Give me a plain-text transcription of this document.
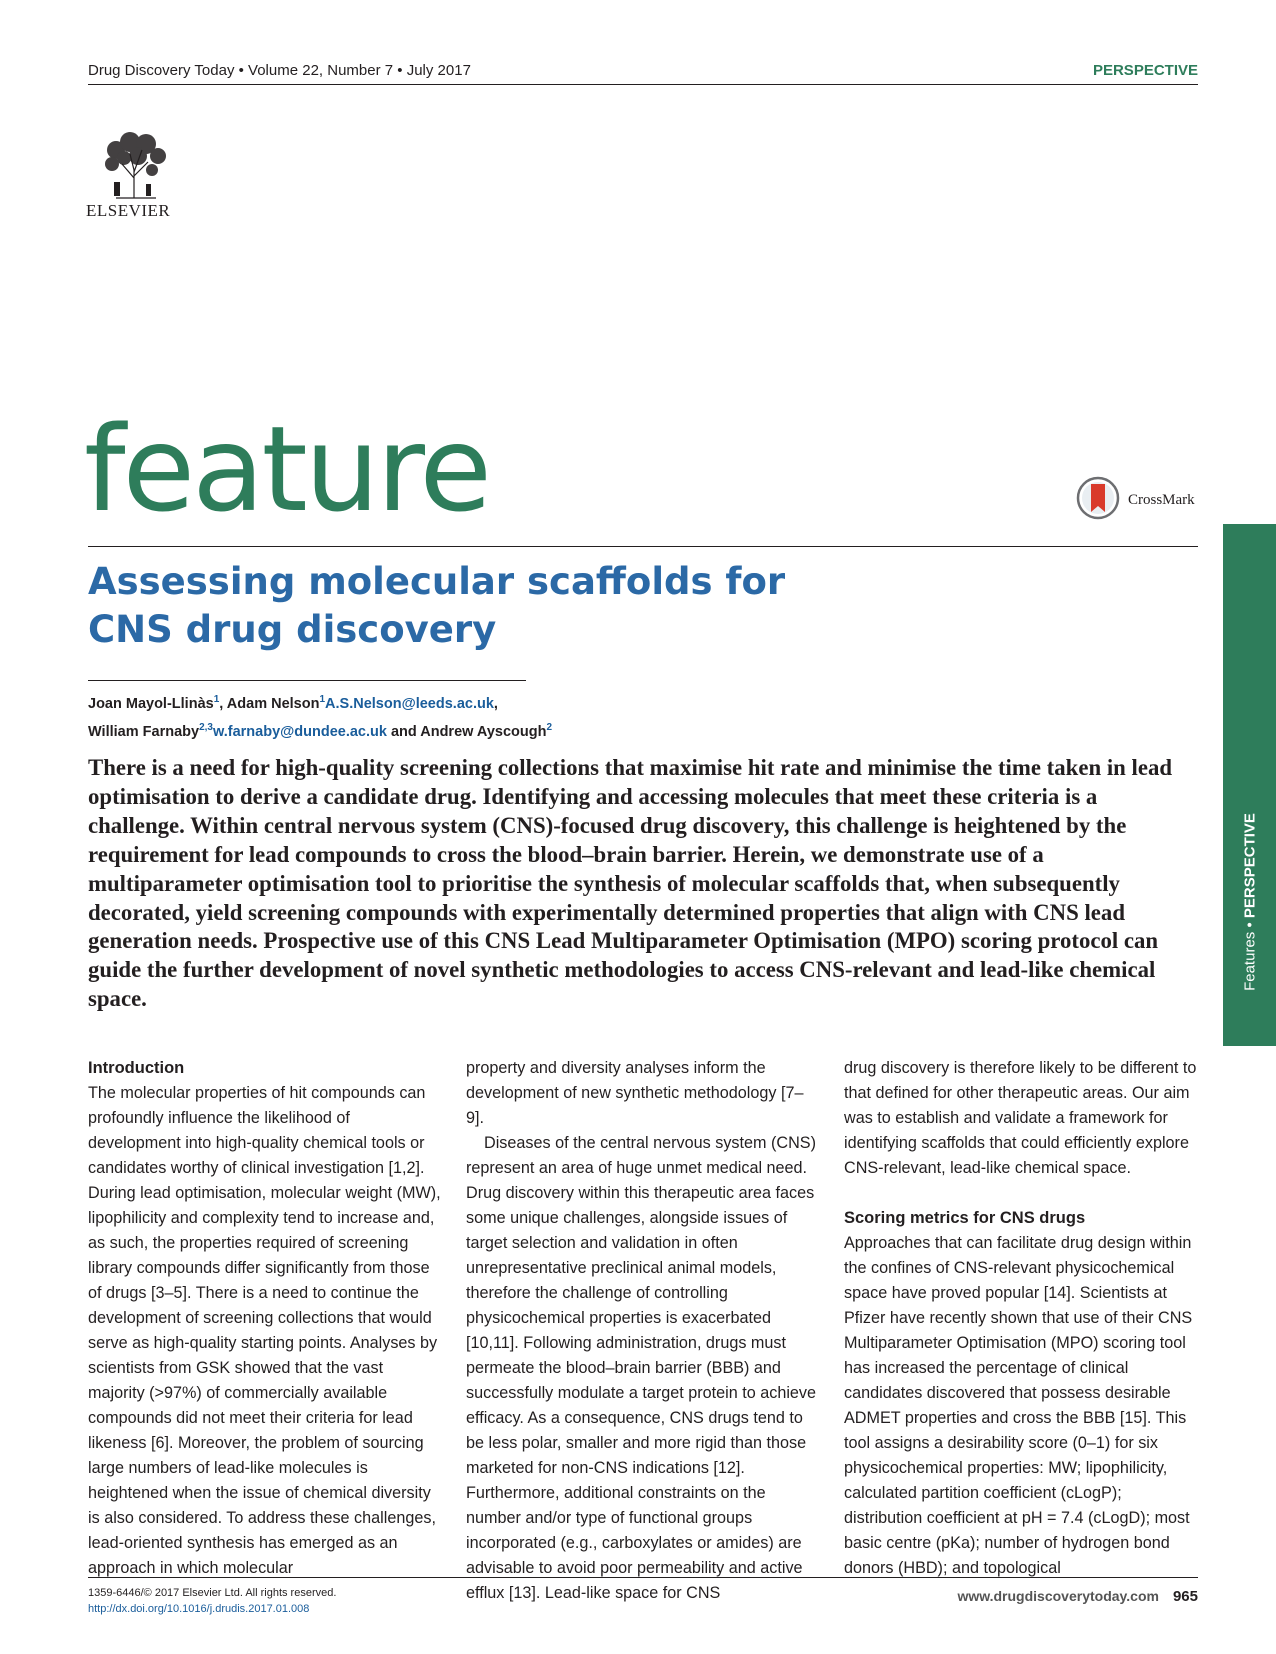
Drug Discovery Today • Volume 22, Number 7 • July 2017	PERSPECTIVE
ELSEVIER
feature	CrossMark
Assessing molecular scaffolds for CNS drug discovery
Joan Mayol-Llinàs$^1$, Adam Nelson$^1$A.S.Nelson@leeds.ac.uk,
William Farnaby$^{2,3}$w.farnaby@dundee.ac.uk and Andrew Ayscough$^2$
There is a need for high-quality screening collections that maximise hit rate and minimise the time taken in lead optimisation to derive a candidate drug. Identifying and accessing molecules that meet these criteria is a challenge. Within central nervous system (CNS)-focused drug discovery, this challenge is heightened by the requirement for lead compounds to cross the blood–brain barrier. Herein, we demonstrate use of a multiparameter optimisation tool to prioritise the synthesis of molecular scaffolds that, when subsequently decorated, yield screening compounds with experimentally determined properties that align with CNS lead generation needs. Prospective use of this CNS Lead Multiparameter Optimisation (MPO) scoring protocol can guide the further development of novel synthetic methodologies to access CNS-relevant and lead-like chemical space.
Introduction

The molecular properties of hit compounds can profoundly influence the likelihood of development into high-quality chemical tools or candidates worthy of clinical investigation [1,2]. During lead optimisation, molecular weight (MW), lipophilicity and complexity tend to increase and, as such, the properties required of screening library compounds differ significantly from those of drugs [3–5]. There is a need to continue the development of screening collections that would serve as high-quality starting points. Analyses by scientists from GSK showed that the vast majority (>97%) of commercially available compounds did not meet their criteria for lead likeness [6]. Moreover, the problem of sourcing large numbers of lead-like molecules is heightened when the issue of chemical diversity is also considered. To address these challenges, lead-oriented synthesis has emerged as an approach in which molecular

property and diversity analyses inform the development of new synthetic methodology [7–9].

Diseases of the central nervous system (CNS) represent an area of huge unmet medical need. Drug discovery within this therapeutic area faces some unique challenges, alongside issues of target selection and validation in often unrepresentative preclinical animal models, therefore the challenge of controlling physicochemical properties is exacerbated [10,11]. Following administration, drugs must permeate the blood–brain barrier (BBB) and successfully modulate a target protein to achieve efficacy. As a consequence, CNS drugs tend to be less polar, smaller and more rigid than those marketed for non-CNS indications [12]. Furthermore, additional constraints on the number and/or type of functional groups incorporated (e.g., carboxylates or amides) are advisable to avoid poor permeability and active efflux [13]. Lead-like space for CNS

drug discovery is therefore likely to be different to that defined for other therapeutic areas. Our aim was to establish and validate a framework for identifying scaffolds that could efficiently explore CNS-relevant, lead-like chemical space.

Scoring metrics for CNS drugs

Approaches that can facilitate drug design within the confines of CNS-relevant physicochemical space have proved popular [14]. Scientists at Pfizer have recently shown that use of their CNS Multiparameter Optimisation (MPO) scoring tool has increased the percentage of clinical candidates discovered that possess desirable ADMET properties and cross the BBB [15]. This tool assigns a desirability score (0–1) for six physicochemical properties: MW; lipophilicity, calculated partition coefficient (cLogP); distribution coefficient at pH = 7.4 (cLogD); most basic centre (pKa); number of hydrogen bond donors (HBD); and topological

Features • PERSPECTIVE
1359-6446/© 2017 Elsevier Ltd. All rights reserved.
http://dx.doi.org/10.1016/j.drudis.2017.01.008
www.drugdiscoverytoday.com 965
